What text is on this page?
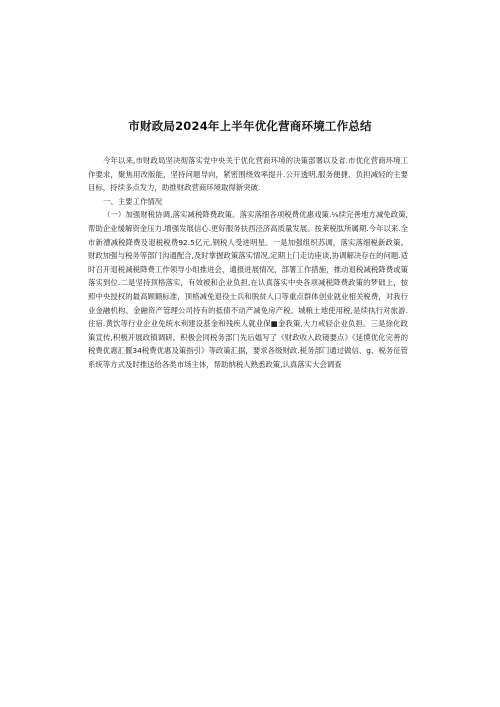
市财政局2024年上半年优化营商环境工作总结

今年以来,市财政局坚决彻落实党中央关于优化营商环境的决策部署以及省.市优化营商环境工作要求，聚焦用改版能，坚持问题导向，紧密围绕效率提升.公开透明,服务便捷、负担减轻的主要目标，持续多点发力，助推财政营商环境取得新突破.

一、主要工作情况

（一）加强财税协调,落实减税降费政策。落实落细各项税费优惠戏策.⅛续完善地方减免政策,帮助企业缓解资金压力.增强发展信心.更好服务扶西泾济高质量发展。按莱税肽所属期.今年以来.全市新漕减税降费及退税税费92.5亿元,钢税人受进明星。一是加强组织苏调，落实落细税新政策。财政加强与税务等部门沟通配合,及时掌握政策落实情况,定期上门走访座谈,协调解决存在的问题.适时召开退税减税降费工作领导小组推进会，通报进展情况，部署工作措施，推动退税减税降费或策落实到位.二是坚持顶格落实，有效被和企业负担,在认真落实中央各项减税降费政策的梦础上，按照中央授权的最高顾额标准，顶格减免退役士兵和脱贫人口等重点群体创业就业相关税费，对我行业金融机构、金融资产管理公司持有的抵债不动产减免房产税、城粮土地使用税,是续执行对旅游.住宿.黄饮等行业企业免统水利建设基金和残疾人就业保■金我策,大力戒轻企业负担。三是徐化政策宣传,积极开展政镇调研。积极会同税务部门先后媪写了《财政收入政镜要点》《延馍优化完善的税费优惠汇偃34税费优惠及策指引》等政策汇据，要求各级财政.税务部门通过做信、g、税务征管系统等方式及时推送给各类市场主体，帮助纳税人熟悉政策,认真落实大会调查
